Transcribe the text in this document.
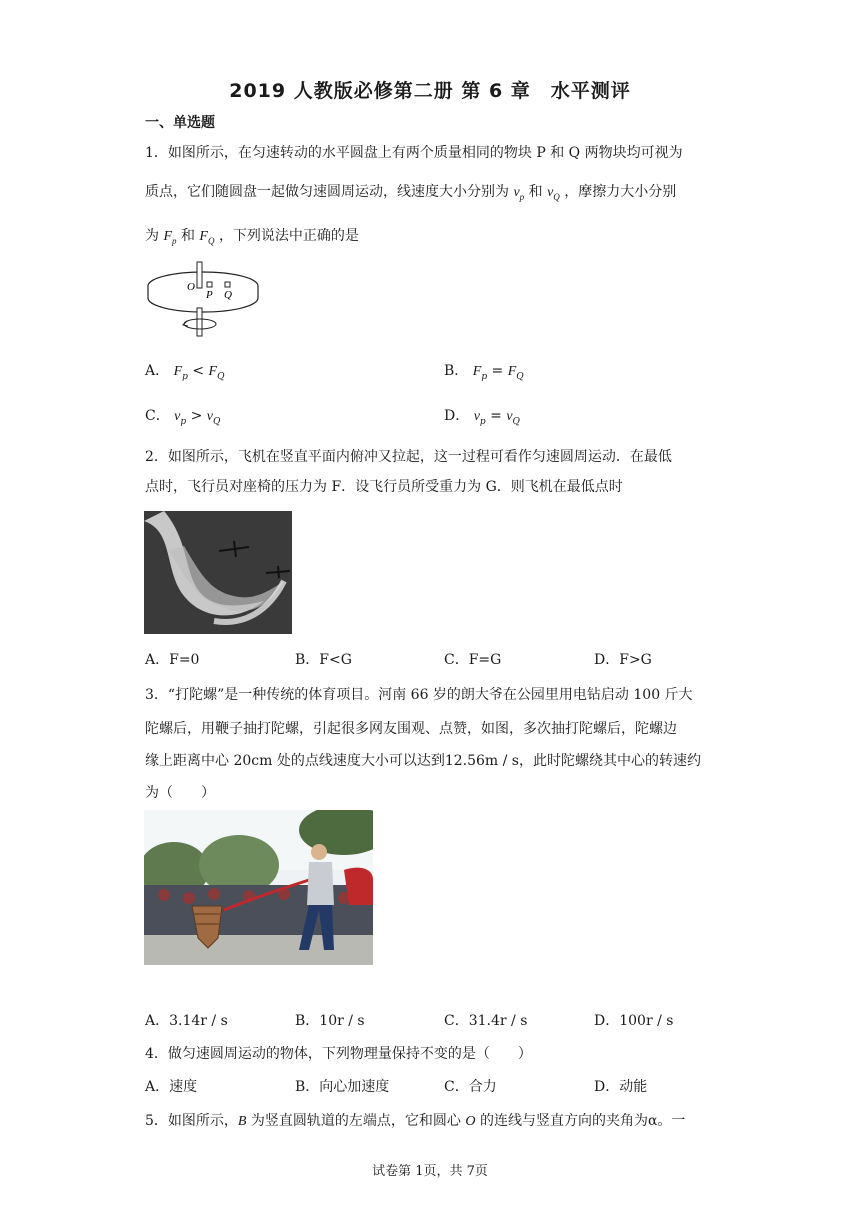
2019 人教版必修第二册 第 6 章　水平测评
一、单选题
1．如图所示，在匀速转动的水平圆盘上有两个质量相同的物块 P 和 Q 两物块均可视为
质点，它们随圆盘一起做匀速圆周运动，线速度大小分别为 $v_p$ 和 $v_Q$ ，摩擦力大小分别
为 $F_p$ 和 $F_Q$ ，下列说法中正确的是
O
P Q
A． $F_p < F_Q$	B． $F_p = F_Q$
C． $v_p > v_Q$	D． $v_p = v_Q$
2．如图所示，飞机在竖直平面内俯冲又拉起，这一过程可看作匀速圆周运动．在最低
点时，飞行员对座椅的压力为 F．设飞行员所受重力为 G．则飞机在最低点时
A．F=0	B．F<G	C．F=G	D．F>G
3．“打陀螺”是一种传统的体育项目。河南 66 岁的朗大爷在公园里用电钻启动 100 斤大
陀螺后，用鞭子抽打陀螺，引起很多网友围观、点赞，如图，多次抽打陀螺后，陀螺边
缘上距离中心 20cm 处的点线速度大小可以达到12.56m / s，此时陀螺绕其中心的转速约
为（　　）
A．3.14r / s	B．10r / s	C．31.4r / s	D．100r / s
4．做匀速圆周运动的物体，下列物理量保持不变的是（　　）
A．速度	B．向心加速度	C．合力	D．动能
5．如图所示，B 为竖直圆轨道的左端点，它和圆心 O 的连线与竖直方向的夹角为α。一
试卷第 1页，共 7页
